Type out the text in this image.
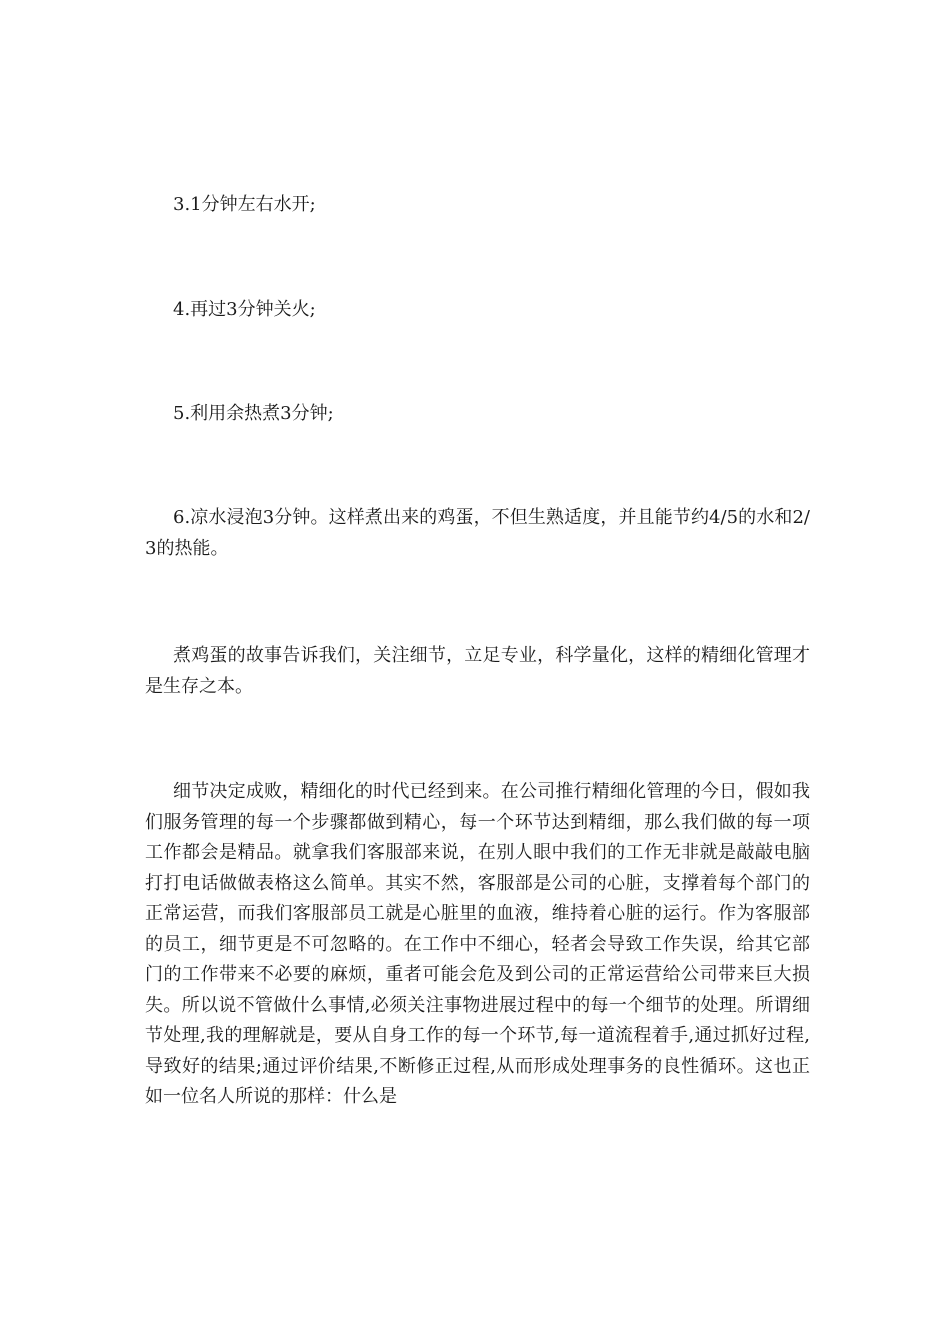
3.1分钟左右水开;

4.再过3分钟关火;

5.利用余热煮3分钟;

6.凉水浸泡3分钟。这样煮出来的鸡蛋，不但生熟适度，并且能节约4/5的水和2/3的热能。

煮鸡蛋的故事告诉我们，关注细节，立足专业，科学量化，这样的精细化管理才是生存之本。

细节决定成败，精细化的时代已经到来。在公司推行精细化管理的今日，假如我们服务管理的每一个步骤都做到精心，每一个环节达到精细，那么我们做的每一项工作都会是精品。就拿我们客服部来说，在别人眼中我们的工作无非就是敲敲电脑打打电话做做表格这么简单。其实不然，客服部是公司的心脏，支撑着每个部门的正常运营，而我们客服部员工就是心脏里的血液，维持着心脏的运行。作为客服部的员工，细节更是不可忽略的。在工作中不细心，轻者会导致工作失误，给其它部门的工作带来不必要的麻烦，重者可能会危及到公司的正常运营给公司带来巨大损失。所以说不管做什么事情,必须关注事物进展过程中的每一个细节的处理。所谓细节处理,我的理解就是，要从自身工作的每一个环节,每一道流程着手,通过抓好过程,导致好的结果;通过评价结果,不断修正过程,从而形成处理事务的良性循环。这也正如一位名人所说的那样：什么是
